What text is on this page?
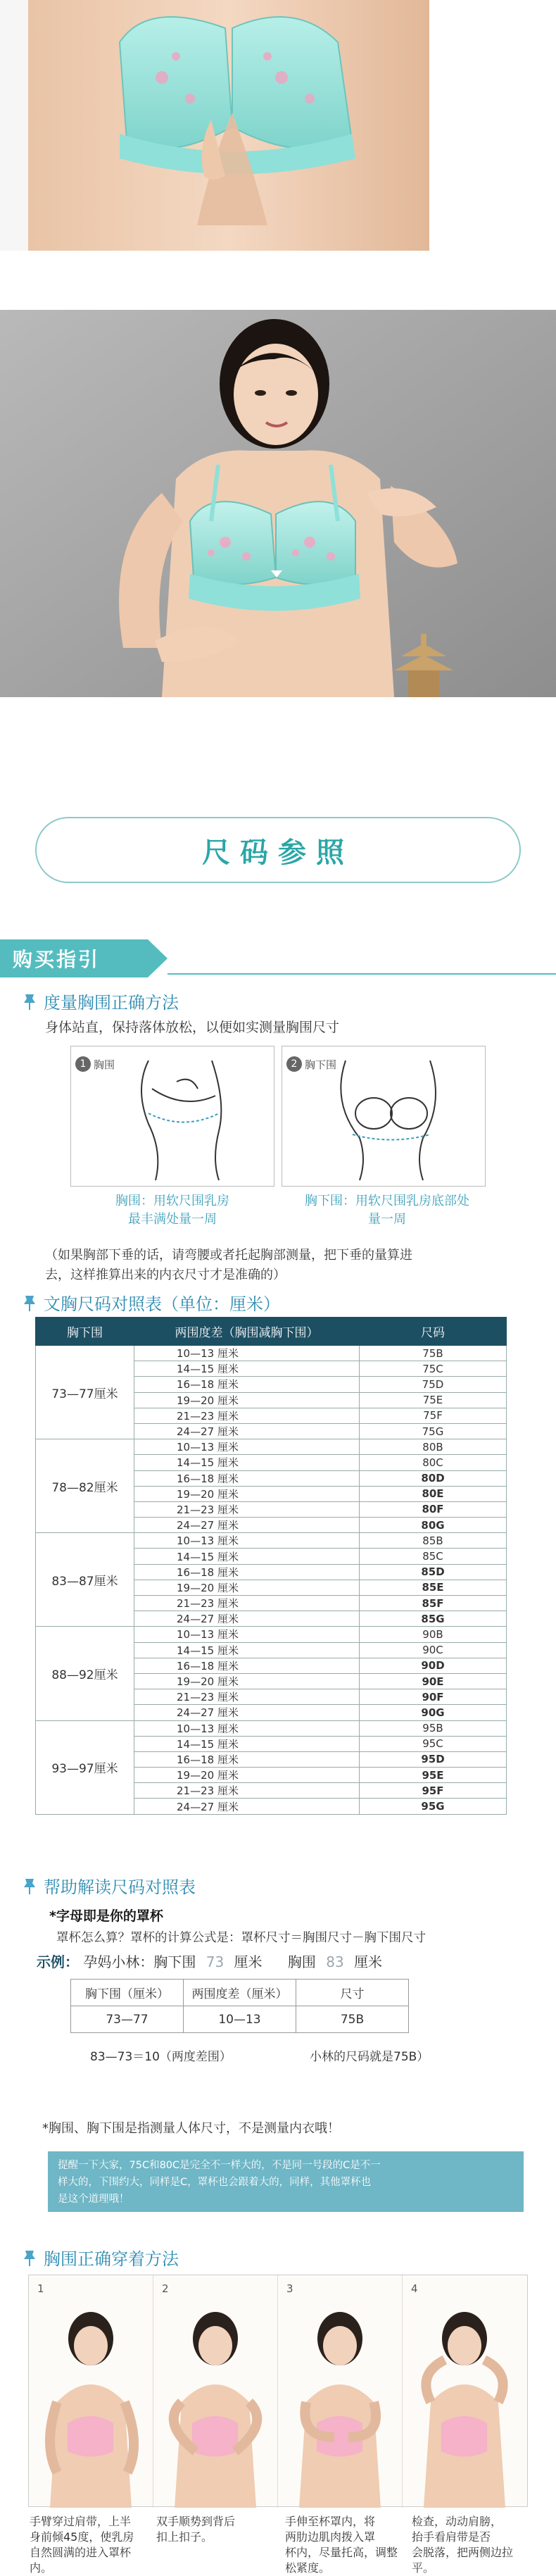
尺码参照
购买指引
度量胸围正确方法
身体站直，保持落体放松，以便如实测量胸围尺寸
1 胸围	2 胸下围
胸围：用软尺围乳房
最丰满处量一周
胸下围：用软尺围乳房底部处
量一周
（如果胸部下垂的话，请弯腰或者托起胸部测量，把下垂的量算进
去，这样推算出来的内衣尺寸才是准确的）
文胸尺码对照表（单位：厘米）
胸下围	两围度差（胸围减胸下围）	尺码
73—77厘米	10—13 厘米	75B
	14—15 厘米	75C
	16—18 厘米	75D
	19—20 厘米	75E
	21—23 厘米	75F
	24—27 厘米	75G
78—82厘米	10—13 厘米	80B
	14—15 厘米	80C
	16—18 厘米	80D
	19—20 厘米	80E
	21—23 厘米	80F
	24—27 厘米	80G
83—87厘米	10—13 厘米	85B
	14—15 厘米	85C
	16—18 厘米	85D
	19—20 厘米	85E
	21—23 厘米	85F
	24—27 厘米	85G
88—92厘米	10—13 厘米	90B
	14—15 厘米	90C
	16—18 厘米	90D
	19—20 厘米	90E
	21—23 厘米	90F
	24—27 厘米	90G
93—97厘米	10—13 厘米	95B
	14—15 厘米	95C
	16—18 厘米	95D
	19—20 厘米	95E
	21—23 厘米	95F
	24—27 厘米	95G
帮助解读尺码对照表
*字母即是你的罩杯
罩杯怎么算？罩杯的计算公式是：罩杯尺寸＝胸围尺寸－胸下围尺寸
示例： 孕妈小林：胸下围 73 厘米 胸围 83 厘米
胸下围（厘米）	两围度差（厘米）	尺寸
73—77	10—13	75B
83—73＝10（两度差围）	小林的尺码就是75B）
*胸围、胸下围是指测量人体尺寸，不是测量内衣哦！
提醒一下大家，75C和80C是完全不一样大的，不是同一号段的C是不一
样大的，下围约大，同样是C，罩杯也会跟着大的，同样，其他罩杯也
是这个道理哦！
胸围正确穿着方法
1	2	3	4
手臂穿过肩带，上半
身前倾45度，使乳房
自然圆满的进入罩杯内。
双手顺势到背后
扣上扣子。
手伸至杯罩内，将
两肋边肌肉拨入罩
杯内，尽量托高，调整松紧度。
检查，动动肩膀，
抬手看肩带是否
会脱落，把两侧边拉平。
